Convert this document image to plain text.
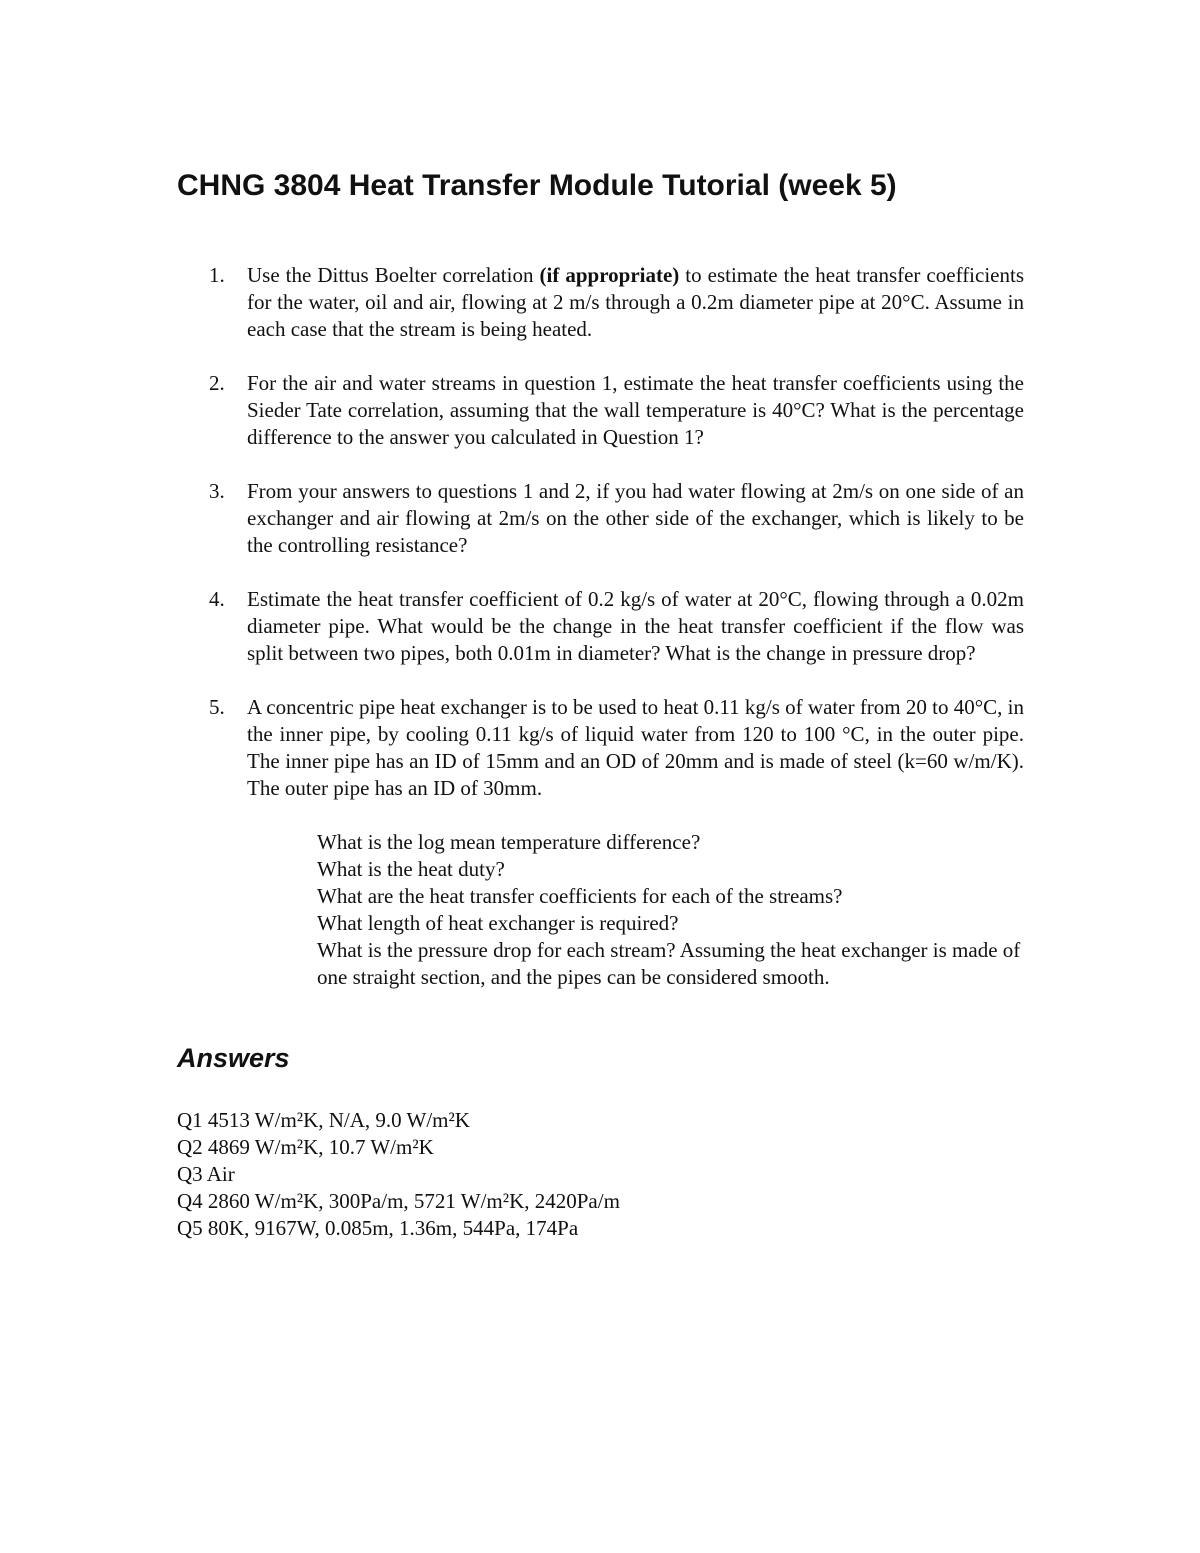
CHNG 3804 Heat Transfer Module Tutorial (week 5)
1. Use the Dittus Boelter correlation (if appropriate) to estimate the heat transfer coefficients for the water, oil and air, flowing at 2 m/s through a 0.2m diameter pipe at 20°C. Assume in each case that the stream is being heated.
2. For the air and water streams in question 1, estimate the heat transfer coefficients using the Sieder Tate correlation, assuming that the wall temperature is 40°C? What is the percentage difference to the answer you calculated in Question 1?
3. From your answers to questions 1 and 2, if you had water flowing at 2m/s on one side of an exchanger and air flowing at 2m/s on the other side of the exchanger, which is likely to be the controlling resistance?
4. Estimate the heat transfer coefficient of 0.2 kg/s of water at 20°C, flowing through a 0.02m diameter pipe. What would be the change in the heat transfer coefficient if the flow was split between two pipes, both 0.01m in diameter? What is the change in pressure drop?
5. A concentric pipe heat exchanger is to be used to heat 0.11 kg/s of water from 20 to 40°C, in the inner pipe, by cooling 0.11 kg/s of liquid water from 120 to 100 °C, in the outer pipe. The inner pipe has an ID of 15mm and an OD of 20mm and is made of steel (k=60 w/m/K). The outer pipe has an ID of 30mm.
What is the log mean temperature difference?
What is the heat duty?
What are the heat transfer coefficients for each of the streams?
What length of heat exchanger is required?
What is the pressure drop for each stream? Assuming the heat exchanger is made of one straight section, and the pipes can be considered smooth.
Answers
Q1 4513 W/m²K, N/A, 9.0 W/m²K
Q2 4869 W/m²K, 10.7 W/m²K
Q3 Air
Q4 2860 W/m²K, 300Pa/m, 5721 W/m²K, 2420Pa/m
Q5 80K, 9167W, 0.085m, 1.36m, 544Pa, 174Pa
